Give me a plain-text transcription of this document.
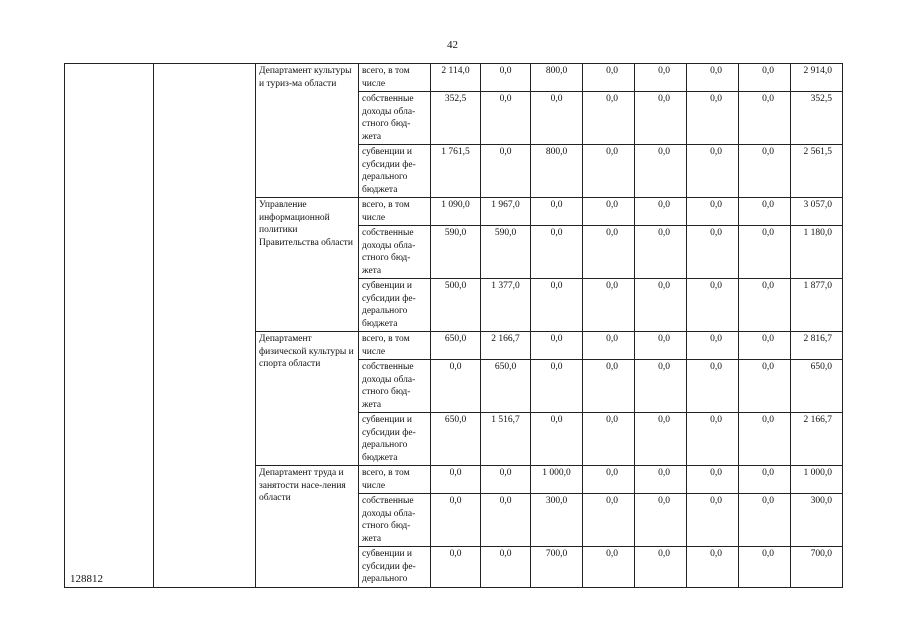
42
		Департамент культуры и туриз-ма области	всего, в том числе	2 114,0	0,0	800,0	0,0	0,0	0,0	0,0	2 914,0
			собственные доходы обла-стного бюд-жета	352,5	0,0	0,0	0,0	0,0	0,0	0,0	352,5
			субвенции и субсидии фе-дерального бюджета	1 761,5	0,0	800,0	0,0	0,0	0,0	0,0	2 561,5
		Управление информационной политики Правительства области	всего, в том числе	1 090,0	1 967,0	0,0	0,0	0,0	0,0	0,0	3 057,0
			собственные доходы обла-стного бюд-жета	590,0	590,0	0,0	0,0	0,0	0,0	0,0	1 180,0
			субвенции и субсидии фе-дерального бюджета	500,0	1 377,0	0,0	0,0	0,0	0,0	0,0	1 877,0
		Департамент физической культуры и спорта области	всего, в том числе	650,0	2 166,7	0,0	0,0	0,0	0,0	0,0	2 816,7
			собственные доходы обла-стного бюд-жета	0,0	650,0	0,0	0,0	0,0	0,0	0,0	650,0
			субвенции и субсидии фе-дерального бюджета	650,0	1 516,7	0,0	0,0	0,0	0,0	0,0	2 166,7
		Департамент труда и занятости насе-ления области	всего, в том числе	0,0	0,0	1 000,0	0,0	0,0	0,0	0,0	1 000,0
			собственные доходы обла-стного бюд-жета	0,0	0,0	300,0	0,0	0,0	0,0	0,0	300,0
			субвенции и субсидии фе-дерального	0,0	0,0	700,0	0,0	0,0	0,0	0,0	700,0
128812
